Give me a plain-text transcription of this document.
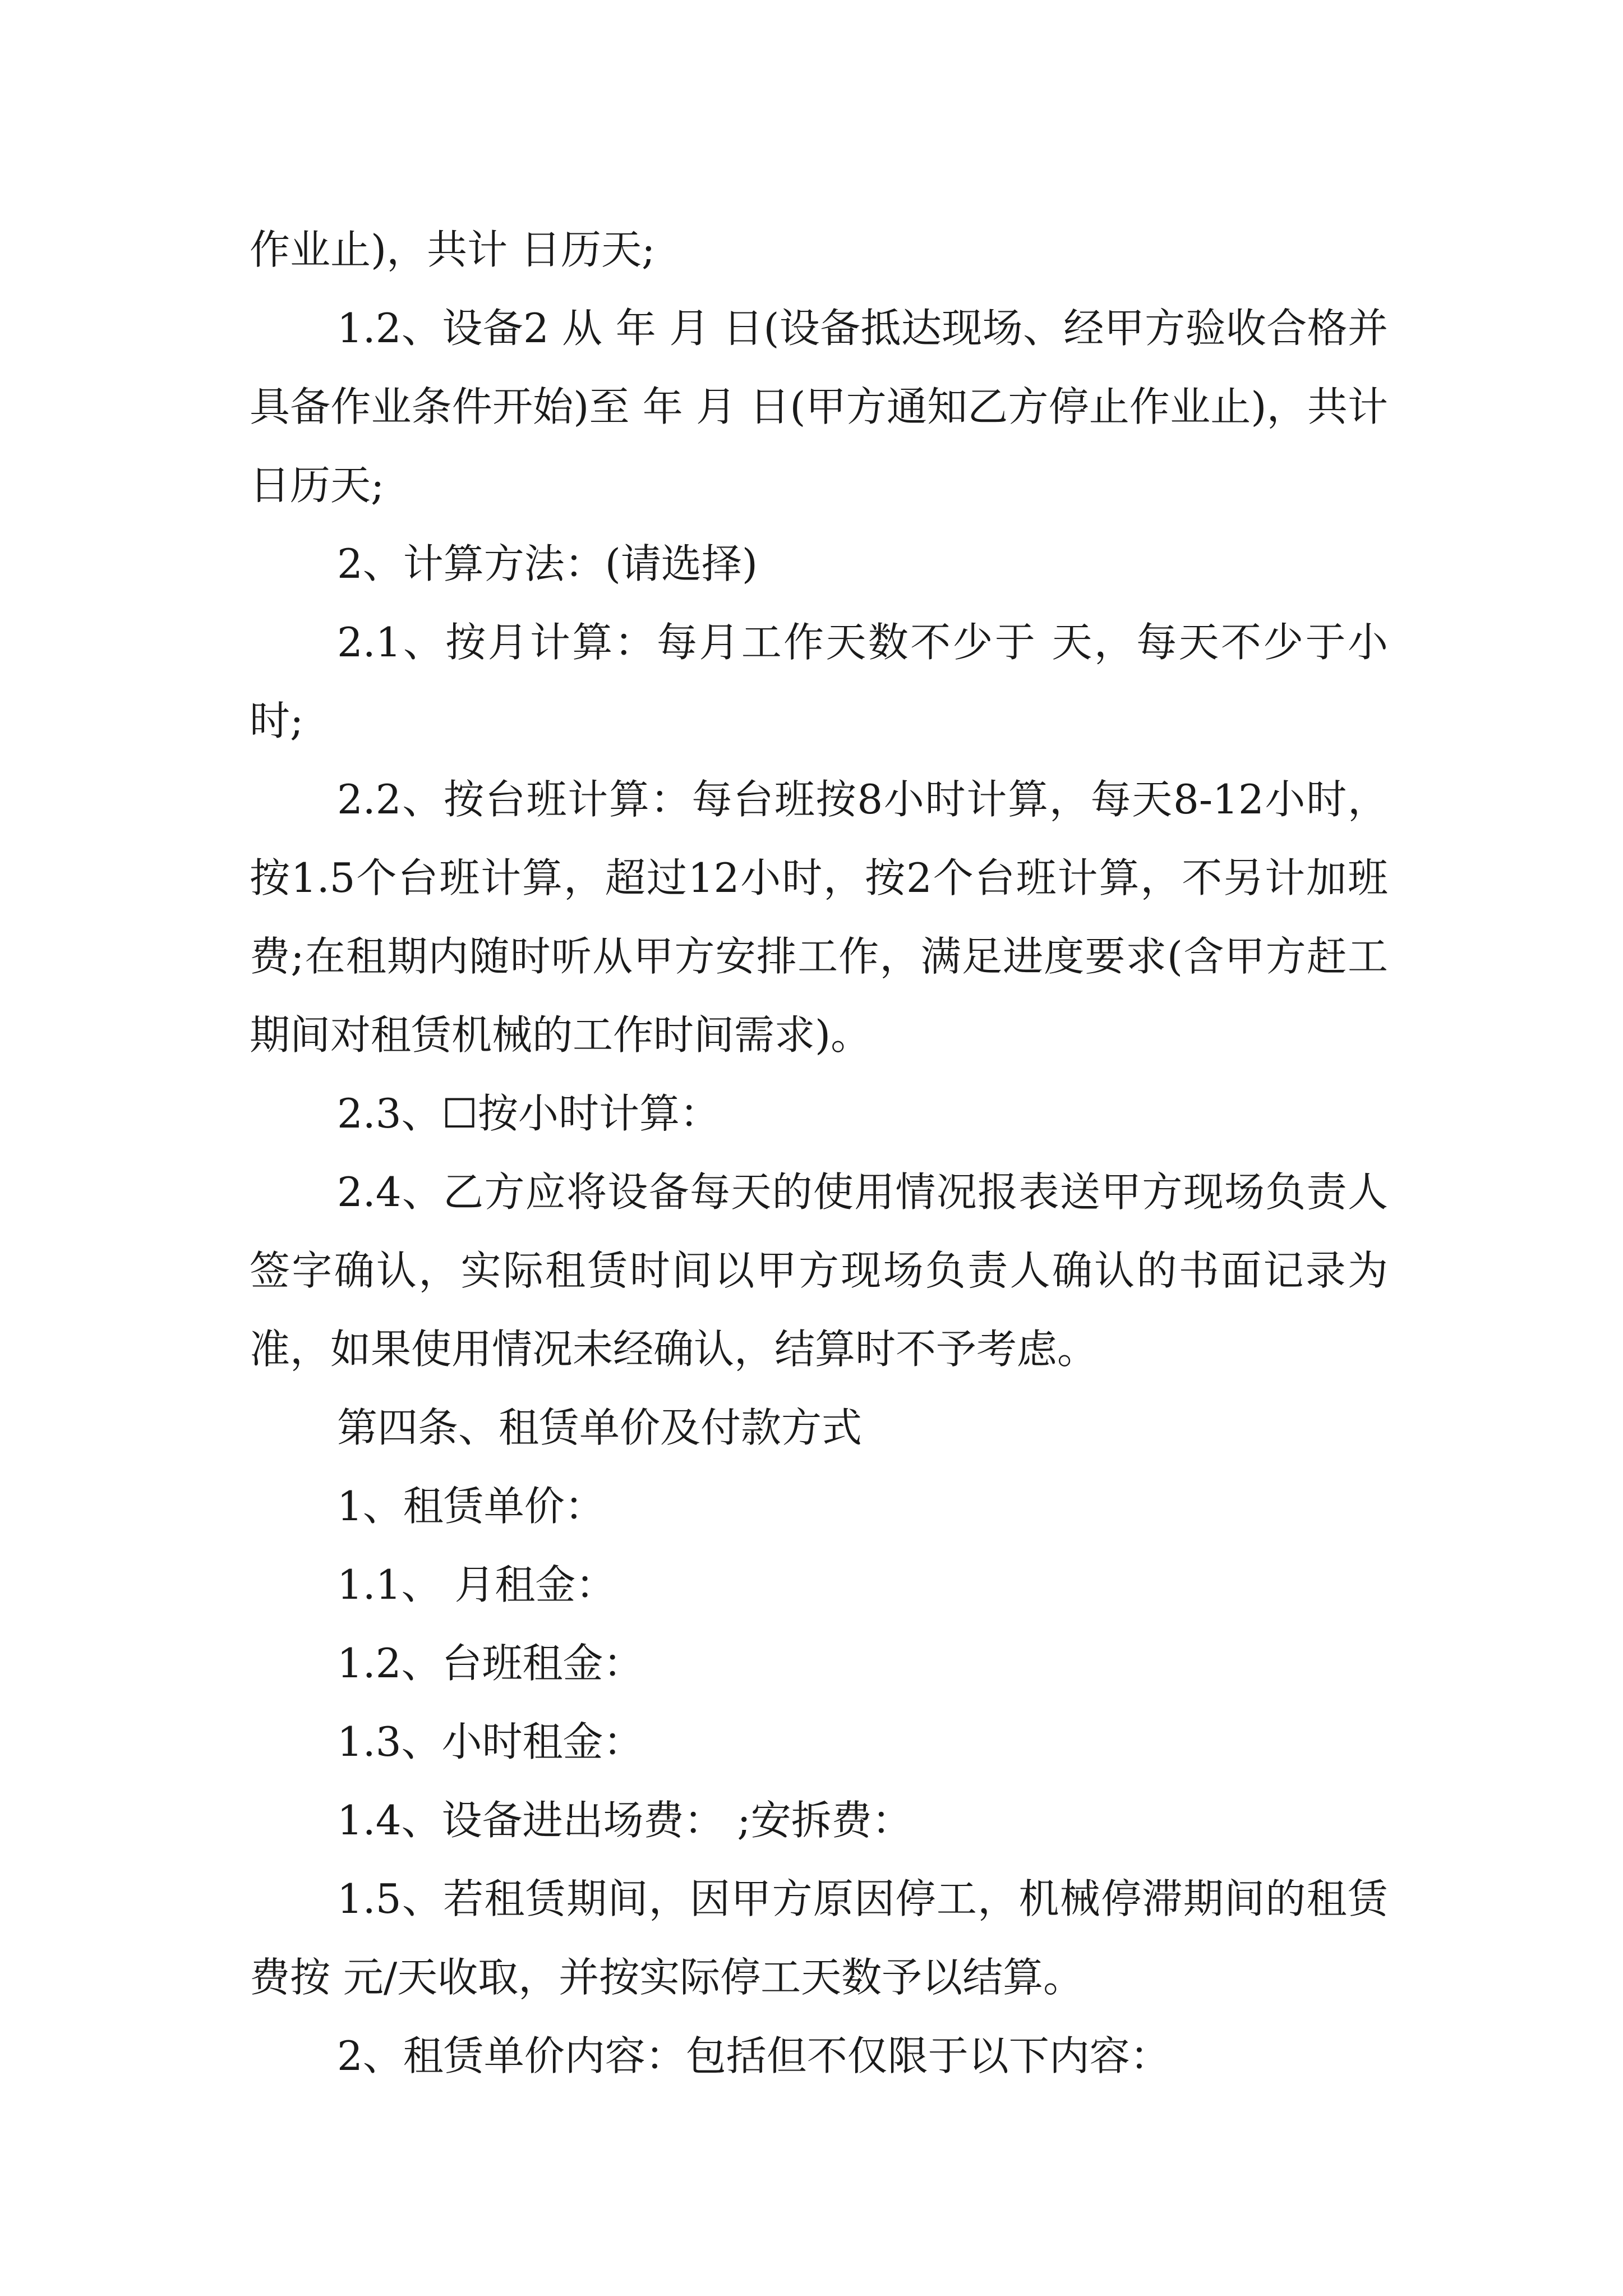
作业止)，共计 日历天;

1.2、设备2 从 年 月 日(设备抵达现场、经甲方验收合格并具备作业条件开始)至 年 月 日(甲方通知乙方停止作业止)，共计 日历天;

2、计算方法：(请选择)

2.1、按月计算：每月工作天数不少于 天，每天不少于小时;

2.2、按台班计算：每台班按8小时计算，每天8-12小时，按1.5个台班计算，超过12小时，按2个台班计算，不另计加班费;在租期内随时听从甲方安排工作，满足进度要求(含甲方赶工期间对租赁机械的工作时间需求)。

2.3、☐按小时计算：

2.4、乙方应将设备每天的使用情况报表送甲方现场负责人签字确认，实际租赁时间以甲方现场负责人确认的书面记录为准，如果使用情况未经确认，结算时不予考虑。

第四条、租赁单价及付款方式

1、租赁单价：

1.1、 月租金：

1.2、台班租金：

1.3、小时租金：

1.4、设备进出场费： ;安拆费：

1.5、若租赁期间，因甲方原因停工，机械停滞期间的租赁费按 元/天收取，并按实际停工天数予以结算。

2、租赁单价内容：包括但不仅限于以下内容：
